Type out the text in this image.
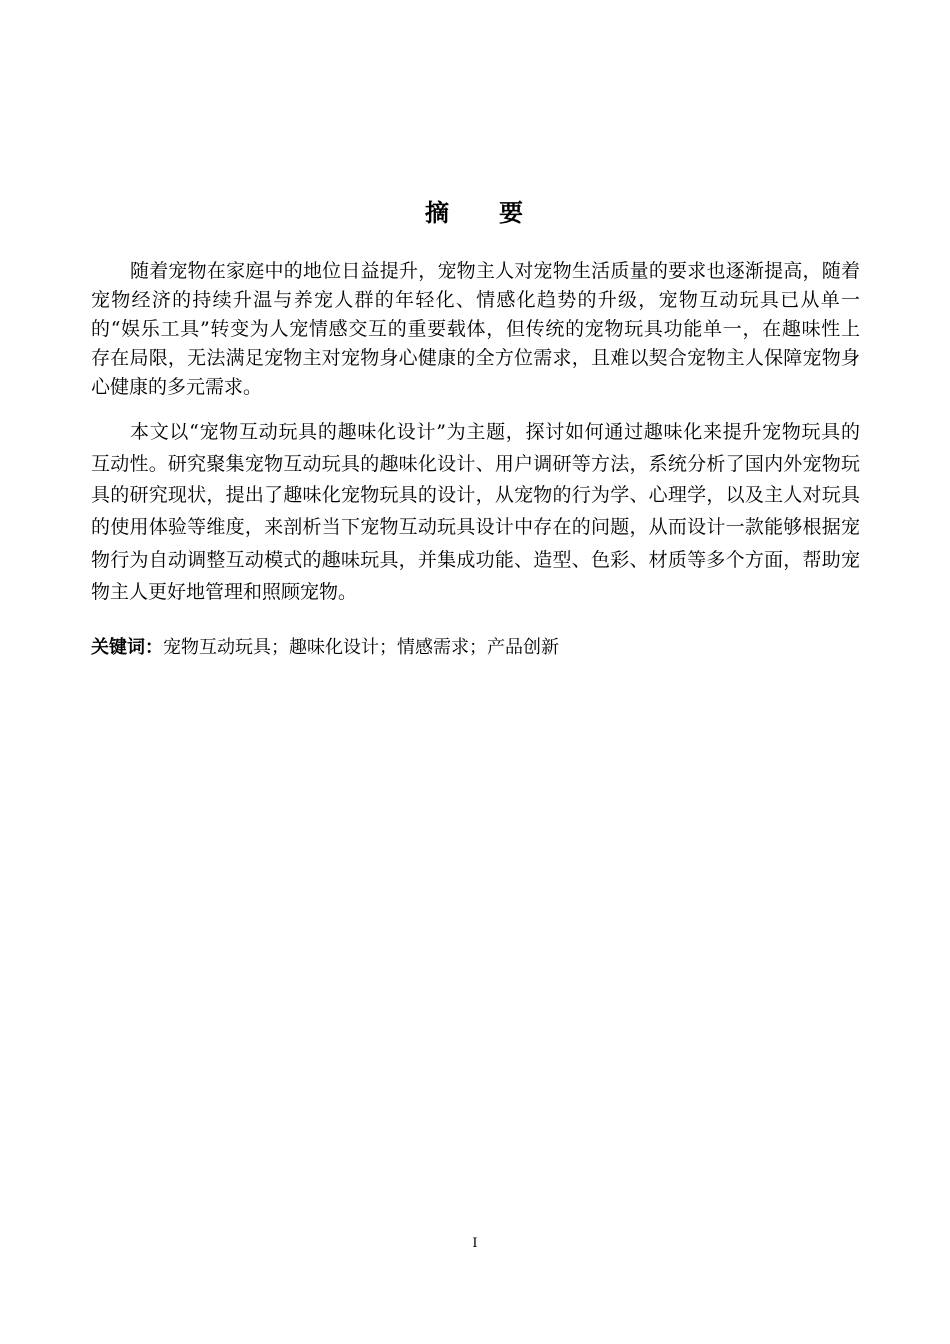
摘 要
随着宠物在家庭中的地位日益提升，宠物主人对宠物生活质量的要求也逐渐提高，随着
宠物经济的持续升温与养宠人群的年轻化、情感化趋势的升级，宠物互动玩具已从单一
的“娱乐工具”转变为人宠情感交互的重要载体，但传统的宠物玩具功能单一，在趣味性上
存在局限，无法满足宠物主对宠物身心健康的全方位需求，且难以契合宠物主人保障宠物身
心健康的多元需求。
本文以“宠物互动玩具的趣味化设计”为主题，探讨如何通过趣味化来提升宠物玩具的
互动性。研究聚集宠物互动玩具的趣味化设计、用户调研等方法，系统分析了国内外宠物玩
具的研究现状，提出了趣味化宠物玩具的设计，从宠物的行为学、心理学，以及主人对玩具
的使用体验等维度，来剖析当下宠物互动玩具设计中存在的问题，从而设计一款能够根据宠
物行为自动调整互动模式的趣味玩具，并集成功能、造型、色彩、材质等多个方面，帮助宠
物主人更好地管理和照顾宠物。
关键词：宠物互动玩具；趣味化设计；情感需求；产品创新
I
